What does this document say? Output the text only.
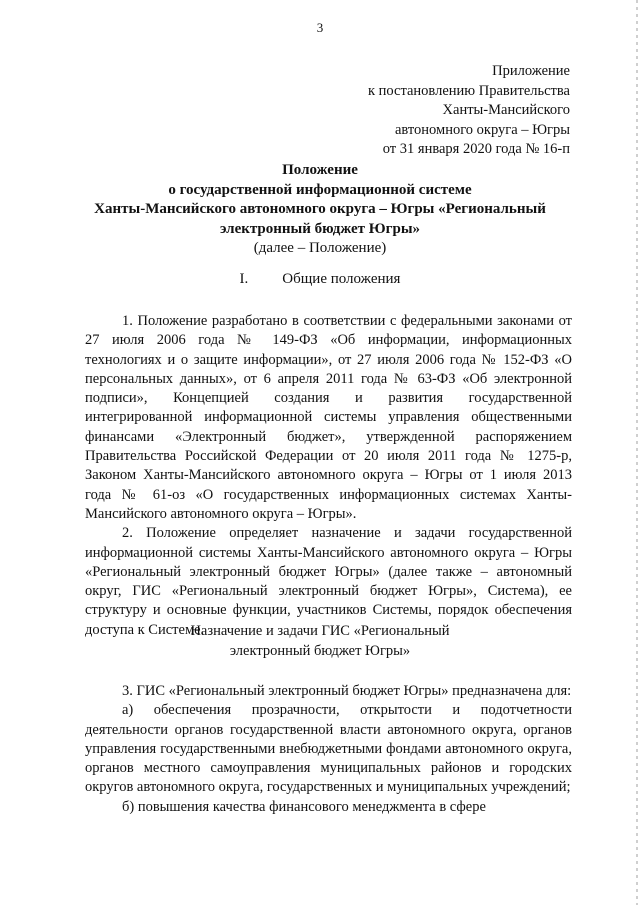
3
Приложение
к постановлению Правительства
Ханты-Мансийского
автономного округа – Югры
от 31 января 2020 года № 16-п
Положение
о государственной информационной системе
Ханты-Мансийского автономного округа – Югры «Региональный
электронный бюджет Югры»
(далее – Положение)
I. Общие положения

1. Положение разработано в соответствии с федеральными законами от 27 июля 2006 года № 149-ФЗ «Об информации, информационных технологиях и о защите информации», от 27 июля 2006 года № 152-ФЗ «О персональных данных», от 6 апреля 2011 года № 63-ФЗ «Об электронной подписи», Концепцией создания и развития государственной интегрированной информационной системы управления общественными финансами «Электронный бюджет», утвержденной распоряжением Правительства Российской Федерации от 20 июля 2011 года № 1275-р, Законом Ханты-Мансийского автономного округа – Югры от 1 июля 2013 года № 61-оз «О государственных информационных системах Ханты-Мансийского автономного округа – Югры».

2. Положение определяет назначение и задачи государственной информационной системы Ханты-Мансийского автономного округа – Югры «Региональный электронный бюджет Югры» (далее также – автономный округ, ГИС «Региональный электронный бюджет Югры», Система), ее структуру и основные функции, участников Системы, порядок обеспечения доступа к Системе.

Назначение и задачи ГИС «Региональный
электронный бюджет Югры»

3. ГИС «Региональный электронный бюджет Югры» предназначена для:

а) обеспечения прозрачности, открытости и подотчетности деятельности органов государственной власти автономного округа, органов управления государственными внебюджетными фондами автономного округа, органов местного самоуправления муниципальных районов и городских округов автономного округа, государственных и муниципальных учреждений;

б) повышения качества финансового менеджмента в сфере
